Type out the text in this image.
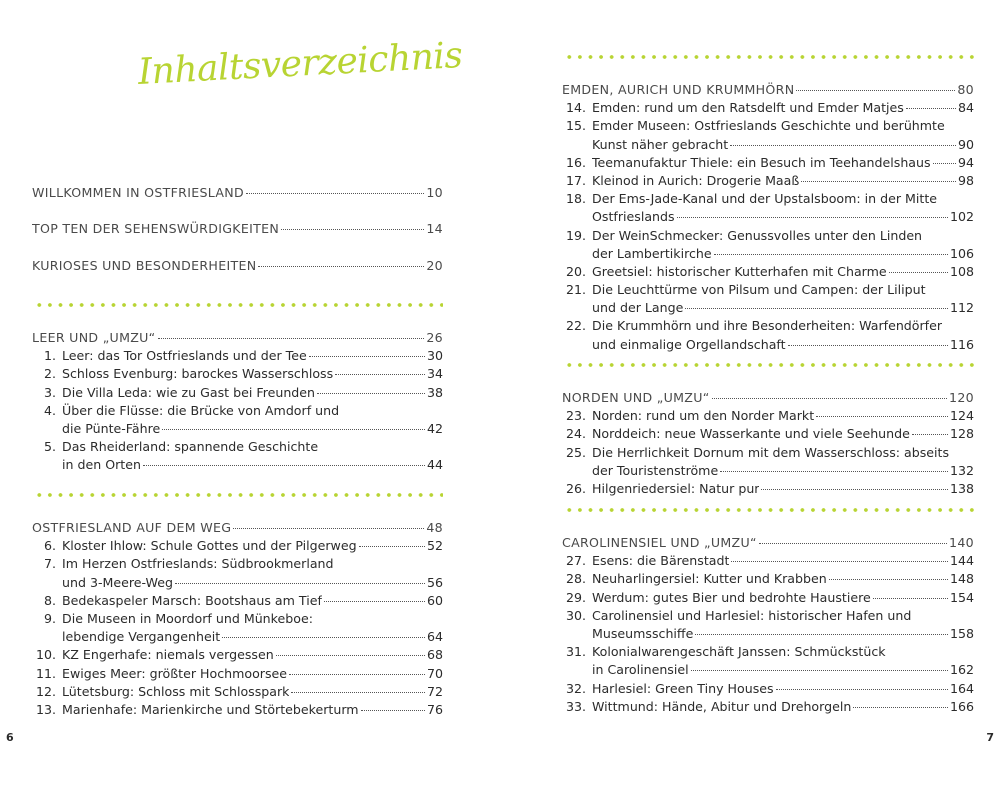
Inhaltsverzeichnis
WILLKOMMEN IN OSTFRIESLAND	10
TOP TEN DER SEHENSWÜRDIGKEITEN	14
KURIOSES UND BESONDERHEITEN	20
LEER UND „UMZU“	26
1. Leer: das Tor Ostfrieslands und der Tee	30
2. Schloss Evenburg: barockes Wasserschloss	34
3. Die Villa Leda: wie zu Gast bei Freunden	38
4. Über die Flüsse: die Brücke von Amdorf und
die Pünte-Fähre	42
5. Das Rheiderland: spannende Geschichte
in den Orten	44
OSTFRIESLAND AUF DEM WEG	48
6. Kloster Ihlow: Schule Gottes und der Pilgerweg	52
7. Im Herzen Ostfrieslands: Südbrookmerland
und 3-Meere-Weg	56
8. Bedekaspeler Marsch: Bootshaus am Tief	60
9. Die Museen in Moordorf und Münkeboe:
lebendige Vergangenheit	64
10. KZ Engerhafe: niemals vergessen	68
11. Ewiges Meer: größter Hochmoorsee	70
12. Lütetsburg: Schloss mit Schlosspark	72
13. Marienhafe: Marienkirche und Störtebekerturm	76
6
EMDEN, AURICH UND KRUMMHÖRN	80
14. Emden: rund um den Ratsdelft und Emder Matjes	84
15. Emder Museen: Ostfrieslands Geschichte und berühmte
Kunst näher gebracht	90
16. Teemanufaktur Thiele: ein Besuch im Teehandelshaus 94
17. Kleinod in Aurich: Drogerie Maaß	98
18. Der Ems-Jade-Kanal und der Upstalsboom: in der Mitte
Ostfrieslands	102
19. Der WeinSchmecker: Genussvolles unter den Linden
der Lambertikirche	106
20. Greetsiel: historischer Kutterhafen mit Charme	108
21. Die Leuchttürme von Pilsum und Campen: der Liliput
und der Lange	112
22. Die Krummhörn und ihre Besonderheiten: Warfendörfer
und einmalige Orgellandschaft	116
NORDEN UND „UMZU“	120
23. Norden: rund um den Norder Markt	124
24. Norddeich: neue Wasserkante und viele Seehunde	128
25. Die Herrlichkeit Dornum mit dem Wasserschloss: abseits
der Touristenströme	132
26. Hilgenriedersiel: Natur pur	138
CAROLINENSIEL UND „UMZU“	140
27. Esens: die Bärenstadt	144
28. Neuharlingersiel: Kutter und Krabben	148
29. Werdum: gutes Bier und bedrohte Haustiere	154
30. Carolinensiel und Harlesiel: historischer Hafen und
Museumsschiffe	158
31. Kolonialwarengeschäft Janssen: Schmückstück
in Carolinensiel	162
32. Harlesiel: Green Tiny Houses	164
33. Wittmund: Hände, Abitur und Drehorgeln	166
7
